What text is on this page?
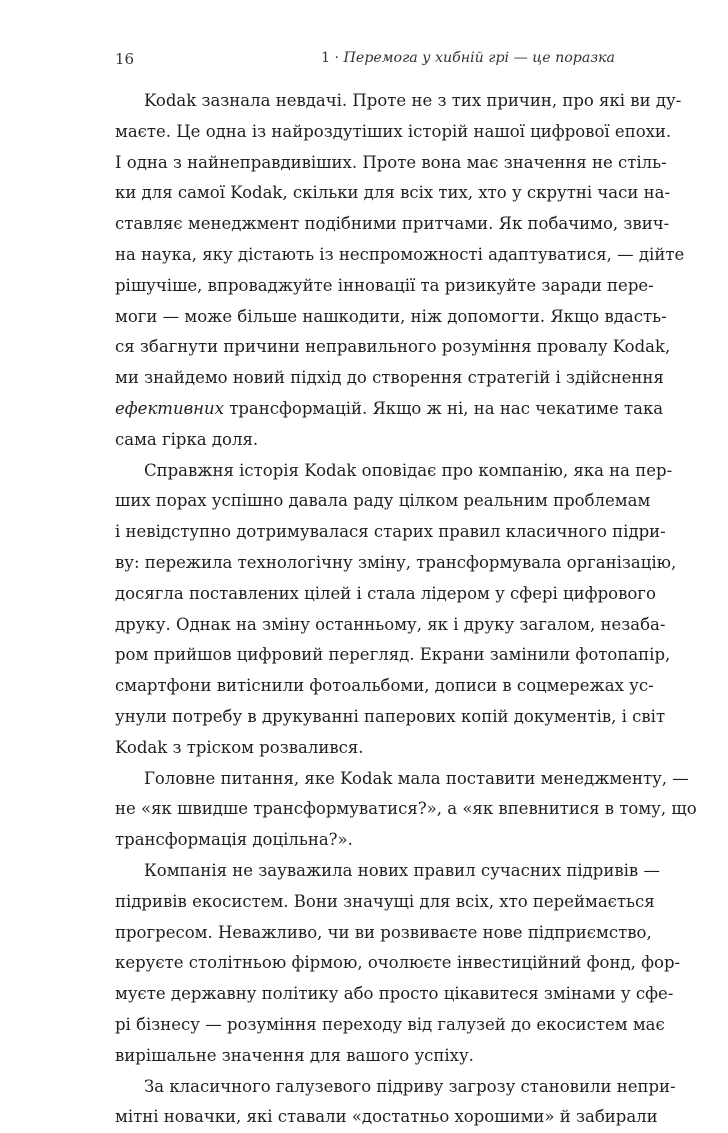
16	1 · Перемога у хибній грі — це поразка
Kodak зазнала невдачі. Проте не з тих причин, про які ви ду-
маєте. Це одна із найроздутіших історій нашої цифрової епохи.
І одна з найнеправдивіших. Проте вона має значення не стіль-
ки для самої Kodak, скільки для всіх тих, хто у скрутні часи на-
ставляє менеджмент подібними притчами. Як побачимо, звич-
на наука, яку дістають із неспроможності адаптуватися, — дійте
рішучіше, впроваджуйте інновації та ризикуйте заради пере-
моги — може більше нашкодити, ніж допомогти. Якщо вдасть-
ся збагнути причини неправильного розуміння провалу Kodak,
ми знайдемо новий підхід до створення стратегій і здійснення
ефективних трансформацій. Якщо ж ні, на нас чекатиме така
сама гірка доля.
Справжня історія Kodak оповідає про компанію, яка на пер-
ших порах успішно давала раду цілком реальним проблемам
і невідступно дотримувалася старих правил класичного підри-
ву: пережила технологічну зміну, трансформувала організацію,
досягла поставлених цілей і стала лідером у сфері цифрового
друку. Однак на зміну останньому, як і друку загалом, незаба-
ром прийшов цифровий перегляд. Екрани замінили фотопапір,
смартфони витіснили фотоальбоми, дописи в соцмережах ус-
унули потребу в друкуванні паперових копій документів, і світ
Kodak з тріском розвалився.
Головне питання, яке Kodak мала поставити менеджменту, —
не «як швидше трансформуватися?», а «як впевнитися в тому, що
трансформація доцільна?».
Компанія не зауважила нових правил сучасних підривів —
підривів екосистем. Вони значущі для всіх, хто переймається
прогресом. Неважливо, чи ви розвиваєте нове підприємство,
керуєте столітньою фірмою, очолюєте інвестиційний фонд, фор-
муєте державну політику або просто цікавитеся змінами у сфе-
рі бізнесу — розуміння переходу від галузей до екосистем має
вирішальне значення для вашого успіху.
За класичного галузевого підриву загрозу становили непри-
мітні новачки, які ставали «достатньо хорошими» й забирали
